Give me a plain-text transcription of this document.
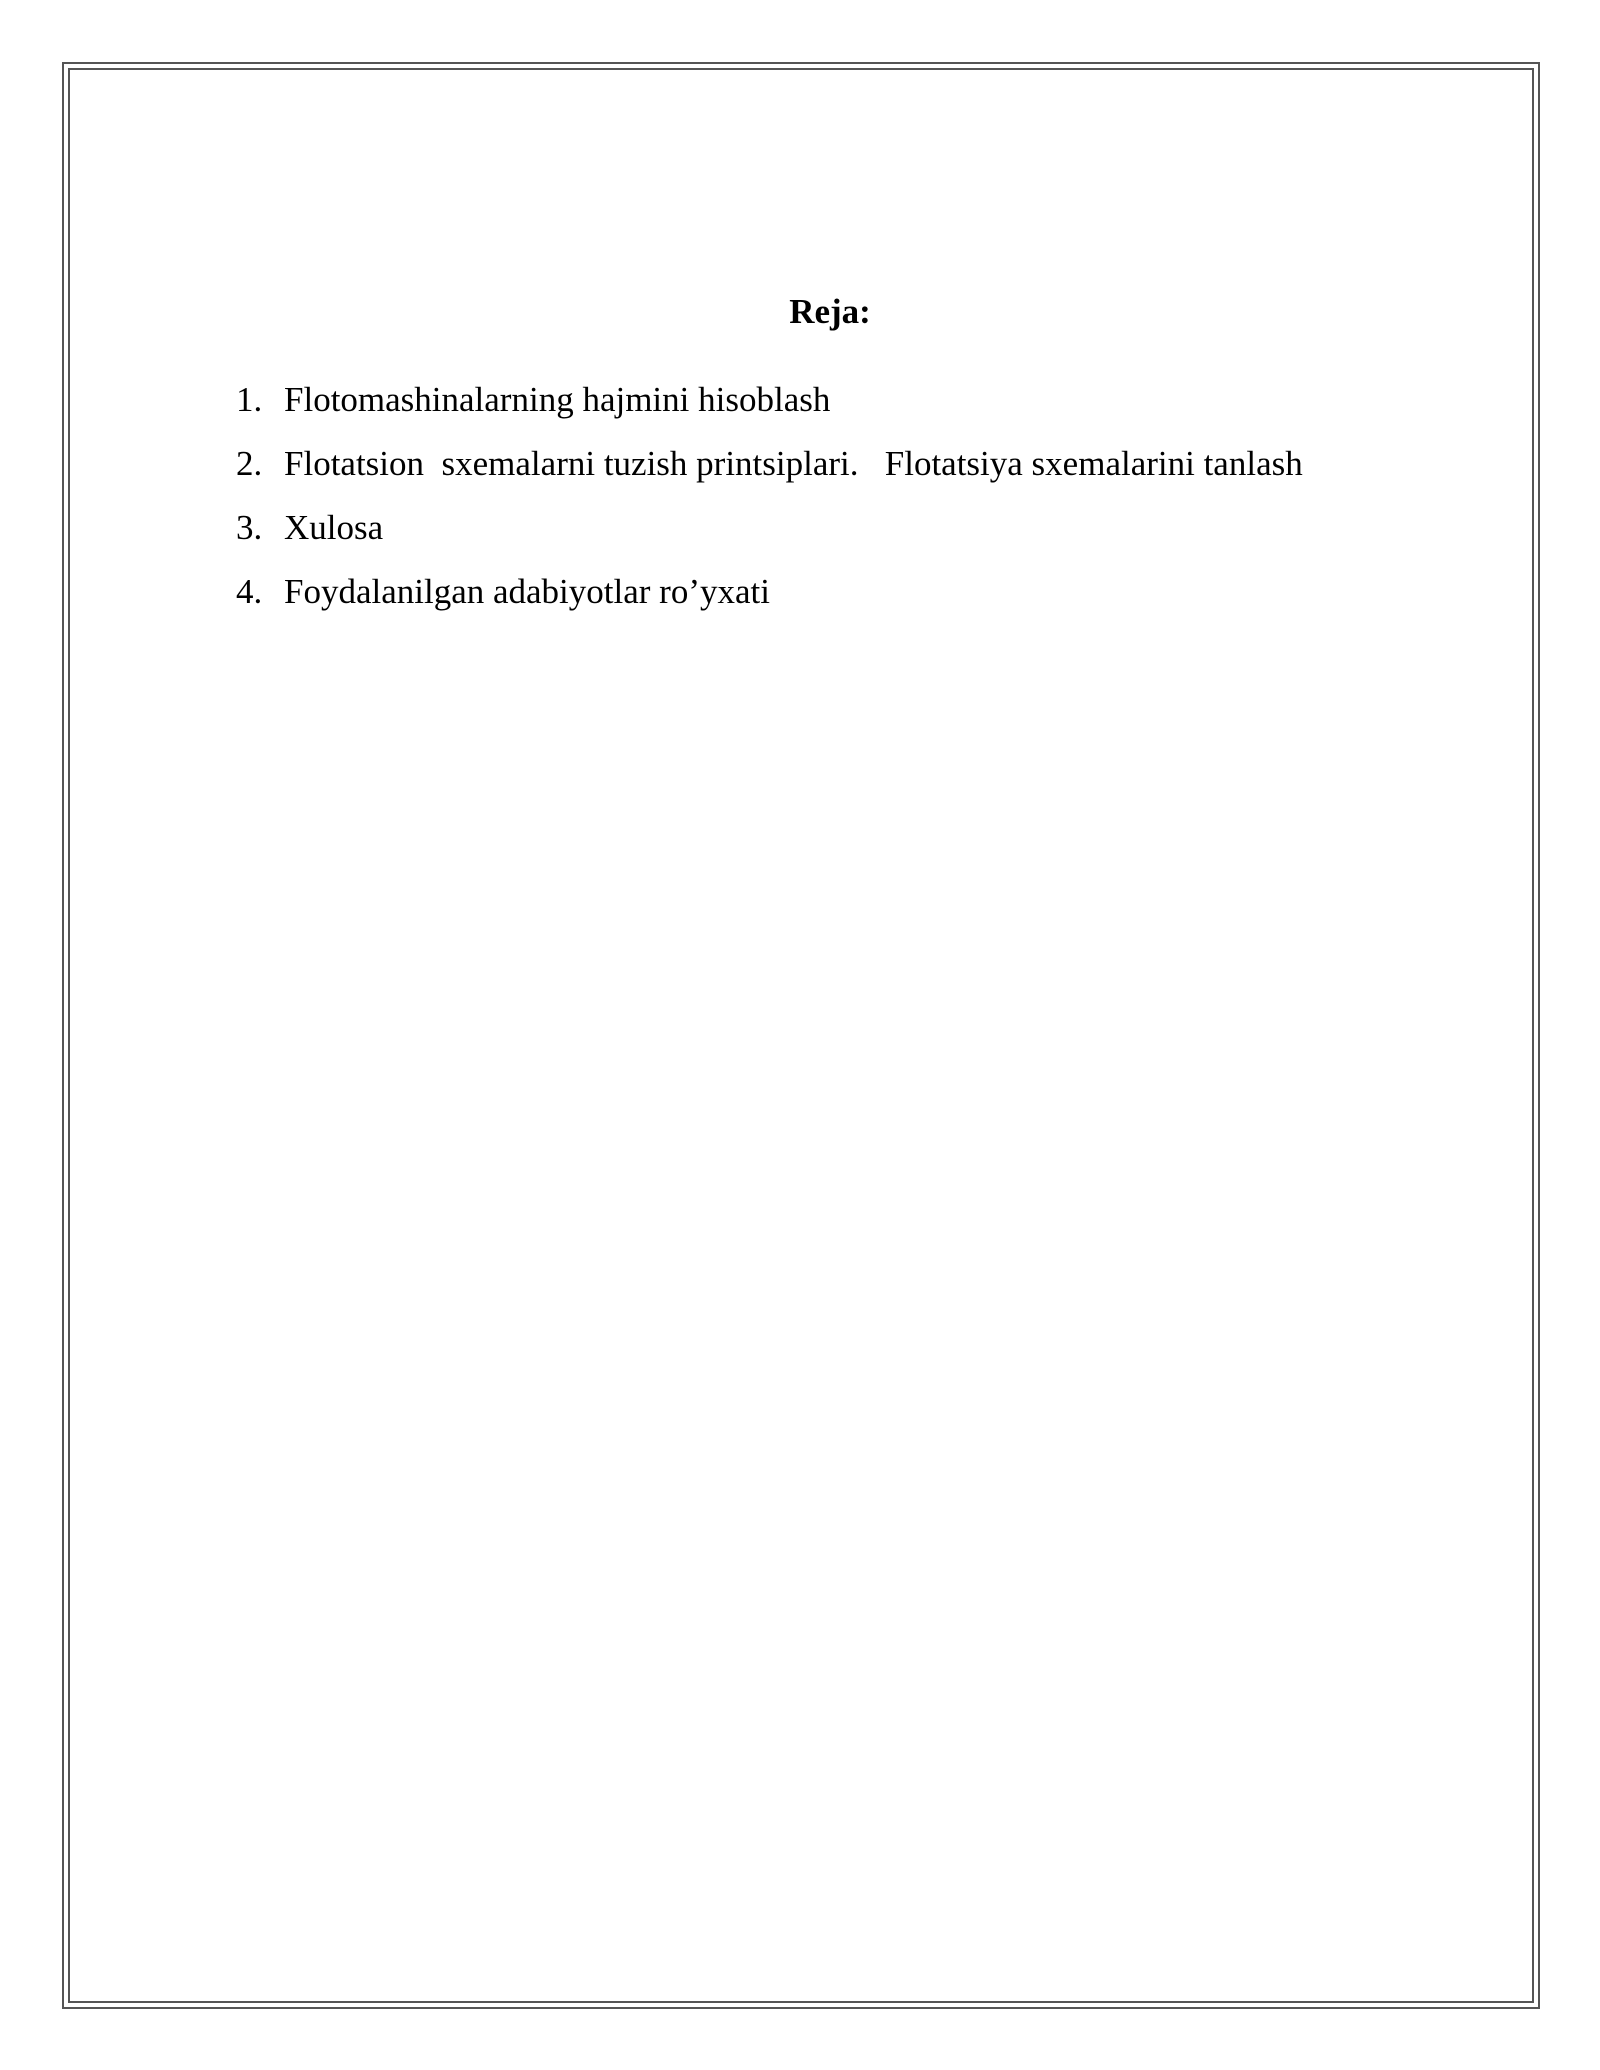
Reja:
1. Flotomashinalarning hajmini hisoblash
2. Flotatsion  sxemalarni tuzish printsiplari.   Flotatsiya sxemalarini tanlash
3. Xulosa
4. Foydalanilgan adabiyotlar ro’yxati
